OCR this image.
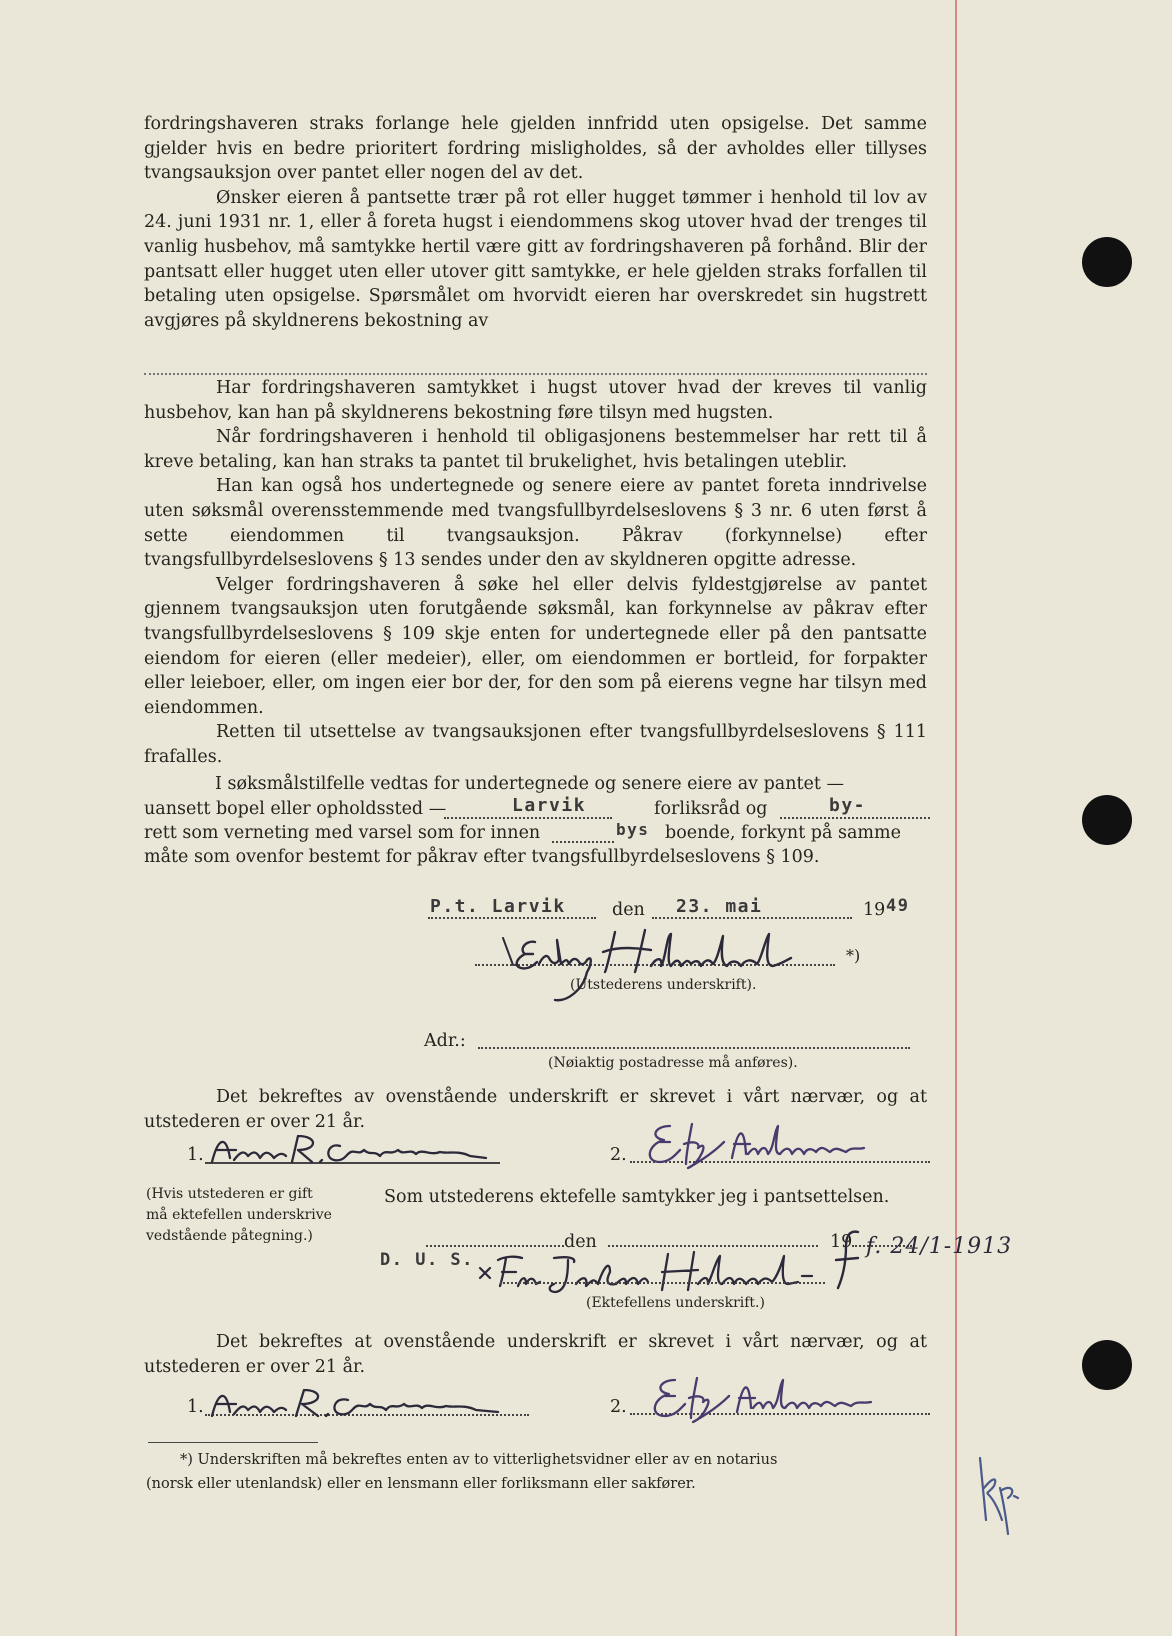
fordringshaveren straks forlange hele gjelden innfridd uten opsigelse. Det samme gjelder hvis en bedre prioritert fordring misligholdes, så der avholdes eller tillyses tvangsauksjon over pantet eller nogen del av det.

Ønsker eieren å pantsette trær på rot eller hugget tømmer i henhold til lov av 24. juni 1931 nr. 1, eller å foreta hugst i eiendommens skog utover hvad der trenges til vanlig husbehov, må samtykke hertil være gitt av fordringshaveren på forhånd. Blir der pantsatt eller hugget uten eller utover gitt samtykke, er hele gjelden straks forfallen til betaling uten opsigelse. Spørsmålet om hvorvidt eieren har overskredet sin hugstrett avgjøres på skyldnerens bekostning av

Har fordringshaveren samtykket i hugst utover hvad der kreves til vanlig husbehov, kan han på skyldnerens bekostning føre tilsyn med hugsten.

Når fordringshaveren i henhold til obligasjonens bestemmelser har rett til å kreve betaling, kan han straks ta pantet til brukelighet, hvis betalingen uteblir.

Han kan også hos undertegnede og senere eiere av pantet foreta inndrivelse uten søksmål overensstemmende med tvangsfullbyrdelseslovens § 3 nr. 6 uten først å sette eiendommen til tvangsauksjon. Påkrav (forkynnelse) efter tvangsfullbyrdelseslovens § 13 sendes under den av skyldneren opgitte adresse.

Velger fordringshaveren å søke hel eller delvis fyldestgjørelse av pantet gjennem tvangsauksjon uten forutgående søksmål, kan forkynnelse av påkrav efter tvangsfullbyrdelseslovens § 109 skje enten for undertegnede eller på den pantsatte eiendom for eieren (eller medeier), eller, om eiendommen er bortleid, for forpakter eller leieboer, eller, om ingen eier bor der, for den som på eierens vegne har tilsyn med eiendommen.

Retten til utsettelse av tvangsauksjonen efter tvangsfullbyrdelseslovens § 111 frafalles.

I søksmålstilfelle vedtas for undertegnede og senere eiere av pantet —
uansett bopel eller opholdssted —	Larvik	forliksråd og	by-
rett som verneting med varsel som for innen	bys boende, forkynt på samme
måte som ovenfor bestemt for påkrav efter tvangsfullbyrdelseslovens § 109.
P.t. Larvik	den 23. mai	19 49
*)
(Utstederens underskrift).
Adr.:
(Nøiaktig postadresse må anføres).

Det bekreftes av ovenstående underskrift er skrevet i vårt nærvær, og at utstederen er over 21 år.

1.	2.
(Hvis utstederen er gift
må ektefellen underskrive
vedstående påtegning.)
Som utstederens ektefelle samtykker jeg i pantsettelsen.
den	19
D. U. S.
f. 24/1-1913
(Ektefellens underskrift.)

Det bekreftes at ovenstående underskrift er skrevet i vårt nærvær, og at utstederen er over 21 år.

1.	2.
*) Underskriften må bekreftes enten av to vitterlighetsvidner eller av en notarius
(norsk eller utenlandsk) eller en lensmann eller forliksmann eller sakfører.
